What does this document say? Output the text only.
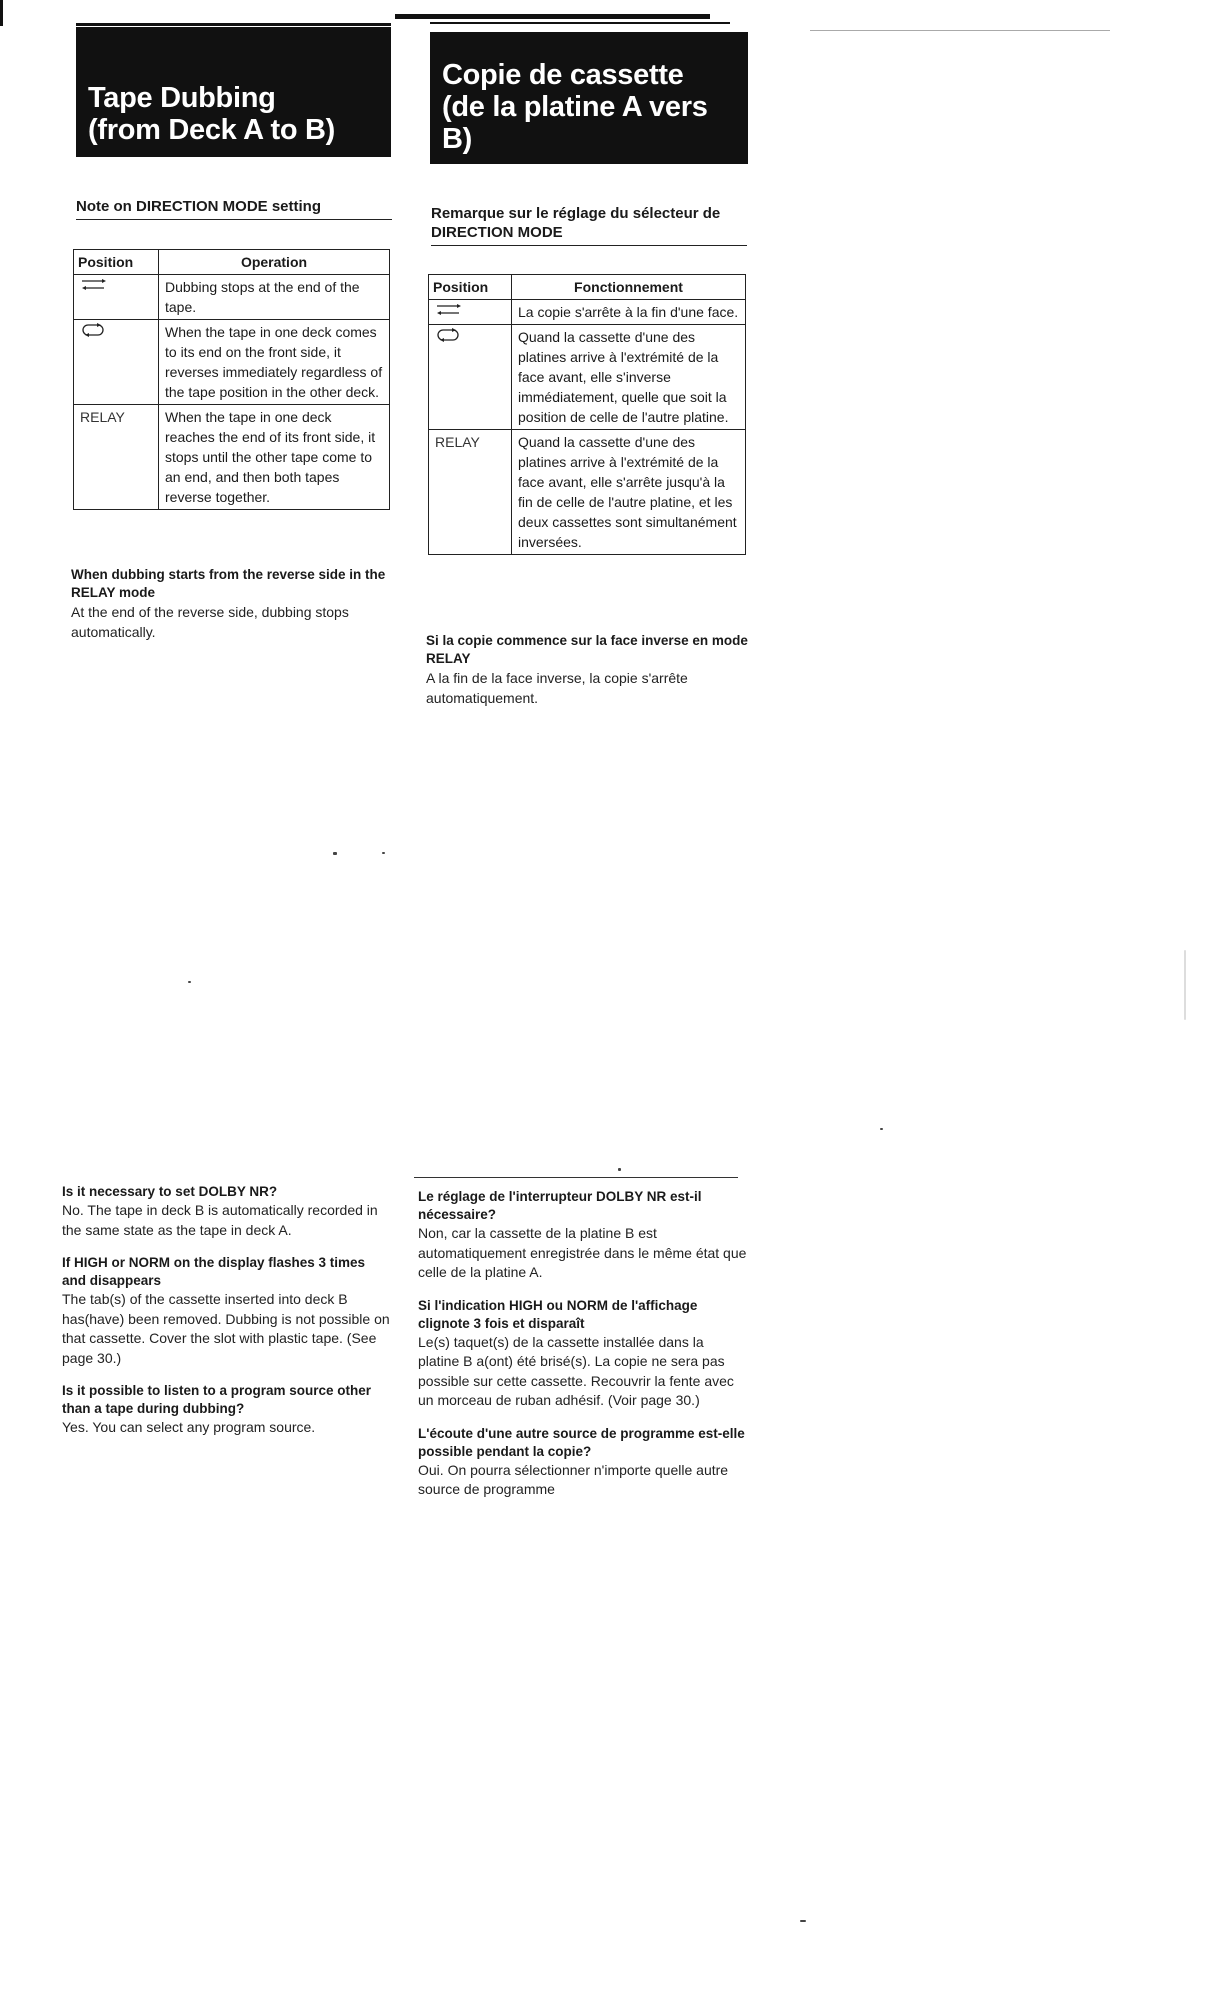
Tape Dubbing
(from Deck A to B)
Note on DIRECTION MODE setting
Position	Operation

	Dubbing stops at the end of the tape.

	When the tape in one deck comes to its end on the front side, it reverses immediately regardless of the tape position in the other deck.
RELAY	When the tape in one deck reaches the end of its front side, it stops until the other tape come to an end, and then both tapes reverse together.

When dubbing starts from the reverse side in the RELAY mode

At the end of the reverse side, dubbing stops automatically.

Is it necessary to set DOLBY NR?

No. The tape in deck B is automatically recorded in the same state as the tape in deck A.

If HIGH or NORM on the display flashes 3 times and disappears

The tab(s) of the cassette inserted into deck B has(have) been removed. Dubbing is not possible on that cassette. Cover the slot with plastic tape. (See page 30.)

Is it possible to listen to a program source other than a tape during dubbing?

Yes. You can select any program source.

Copie de cassette
(de la platine A vers
B)
Remarque sur le réglage du sélecteur de DIRECTION MODE
Position	Fonctionnement

	La copie s'arrête à la fin d'une face.

	Quand la cassette d'une des platines arrive à l'extrémité de la face avant, elle s'inverse immédiatement, quelle que soit la position de celle de l'autre platine.
RELAY	Quand la cassette d'une des platines arrive à l'extrémité de la face avant, elle s'arrête jusqu'à la fin de celle de l'autre platine, et les deux cassettes sont simultanément inversées.

Si la copie commence sur la face inverse en mode RELAY

A la fin de la face inverse, la copie s'arrête automatiquement.

Le réglage de l'interrupteur DOLBY NR est-il nécessaire?

Non, car la cassette de la platine B est automatiquement enregistrée dans le même état que celle de la platine A.

Si l'indication HIGH ou NORM de l'affichage clignote 3 fois et disparaît

Le(s) taquet(s) de la cassette installée dans la platine B a(ont) été brisé(s). La copie ne sera pas possible sur cette cassette. Recouvrir la fente avec un morceau de ruban adhésif. (Voir page 30.)

L'écoute d'une autre source de programme est-elle possible pendant la copie?

Oui. On pourra sélectionner n'importe quelle autre source de programme
